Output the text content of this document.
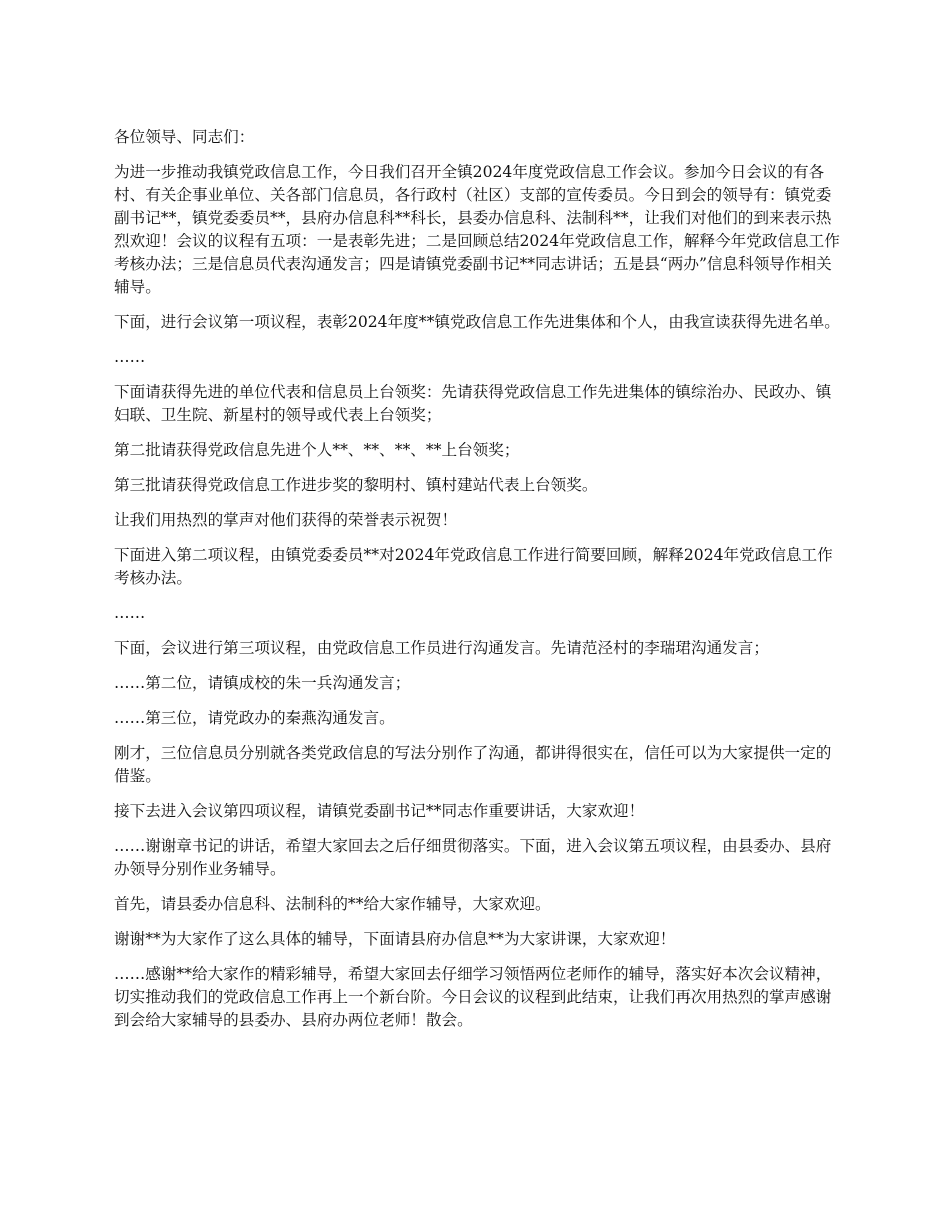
各位领导、同志们：

为进一步推动我镇党政信息工作，今日我们召开全镇2024年度党政信息工作会议。参加今日会议的有各村、有关企事业单位、关各部门信息员，各行政村（社区）支部的宣传委员。今日到会的领导有：镇党委副书记**，镇党委委员**，县府办信息科**科长，县委办信息科、法制科**，让我们对他们的到来表示热烈欢迎！会议的议程有五项：一是表彰先进；二是回顾总结2024年党政信息工作，解释今年党政信息工作考核办法；三是信息员代表沟通发言；四是请镇党委副书记**同志讲话；五是县“两办”信息科领导作相关辅导。

下面，进行会议第一项议程，表彰2024年度**镇党政信息工作先进集体和个人，由我宣读获得先进名单。

……

下面请获得先进的单位代表和信息员上台领奖：先请获得党政信息工作先进集体的镇综治办、民政办、镇妇联、卫生院、新星村的领导或代表上台领奖；

第二批请获得党政信息先进个人**、**、**、**上台领奖；

第三批请获得党政信息工作进步奖的黎明村、镇村建站代表上台领奖。

让我们用热烈的掌声对他们获得的荣誉表示祝贺！

下面进入第二项议程，由镇党委委员**对2024年党政信息工作进行简要回顾，解释2024年党政信息工作考核办法。

……

下面，会议进行第三项议程，由党政信息工作员进行沟通发言。先请范泾村的李瑞珺沟通发言；

……第二位，请镇成校的朱一兵沟通发言；

……第三位，请党政办的秦燕沟通发言。

刚才，三位信息员分别就各类党政信息的写法分别作了沟通，都讲得很实在，信任可以为大家提供一定的借鉴。

接下去进入会议第四项议程，请镇党委副书记**同志作重要讲话，大家欢迎！

……谢谢章书记的讲话，希望大家回去之后仔细贯彻落实。下面，进入会议第五项议程，由县委办、县府办领导分别作业务辅导。

首先，请县委办信息科、法制科的**给大家作辅导，大家欢迎。

谢谢**为大家作了这么具体的辅导，下面请县府办信息**为大家讲课，大家欢迎！

……感谢**给大家作的精彩辅导，希望大家回去仔细学习领悟两位老师作的辅导，落实好本次会议精神，切实推动我们的党政信息工作再上一个新台阶。今日会议的议程到此结束，让我们再次用热烈的掌声感谢到会给大家辅导的县委办、县府办两位老师！散会。
